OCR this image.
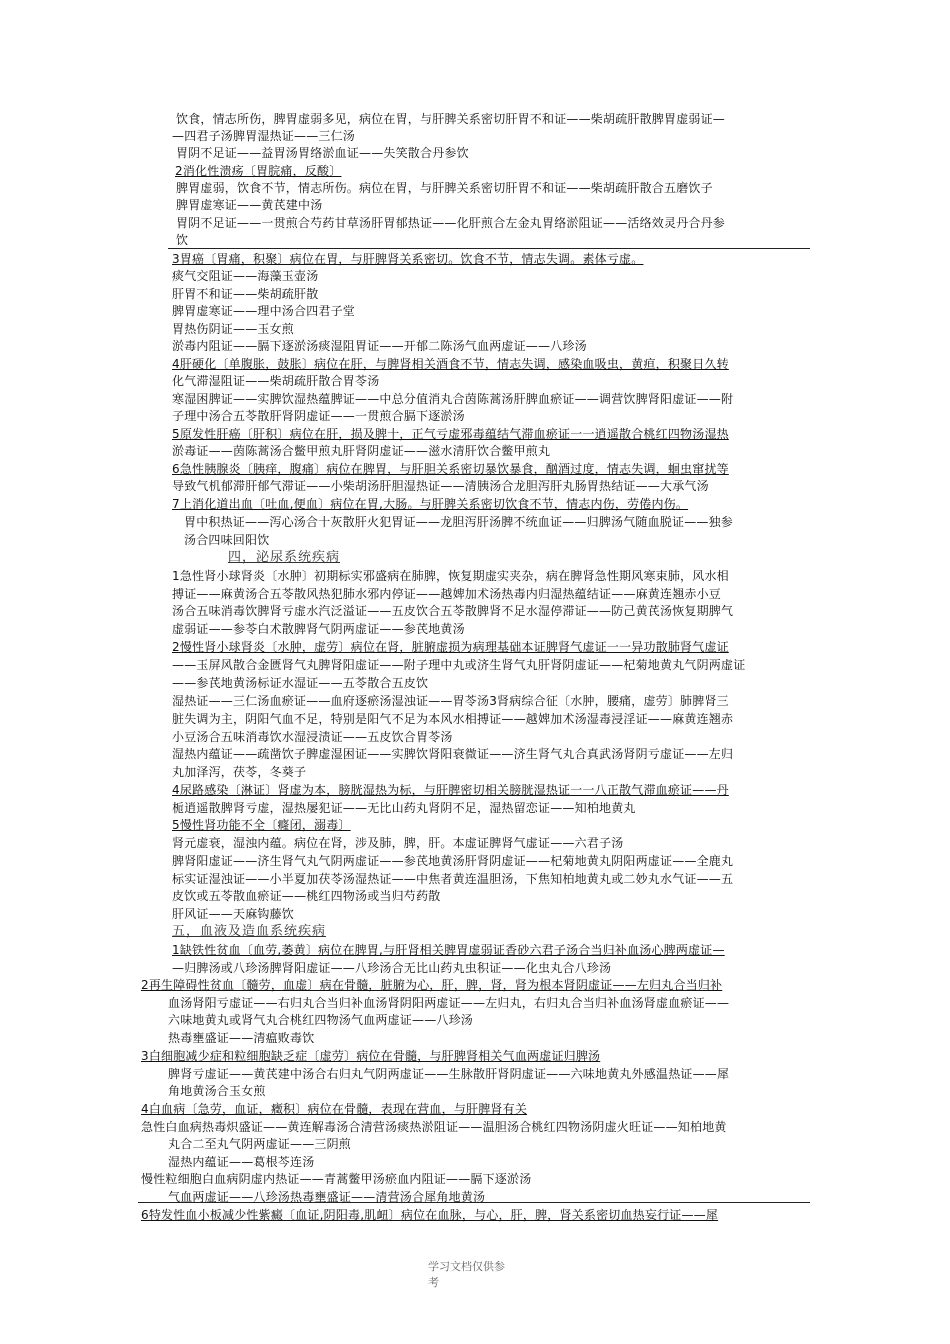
饮食，情志所伤，脾胃虚弱多见，病位在胃，与肝脾关系密切肝胃不和证——柴胡疏肝散脾胃虚弱证—
—四君子汤脾胃湿热证——三仁汤
胃阴不足证——益胃汤胃络淤血证——失笑散合丹参饮
2消化性溃疡〔胃脘痛，反酸〕
脾胃虚弱，饮食不节，情志所伤。病位在胃，与肝脾关系密切肝胃不和证——柴胡疏肝散合五磨饮子
脾胃虚寒证——黄芪建中汤
胃阴不足证——一贯煎合芍药甘草汤肝胃郁热证——化肝煎合左金丸胃络淤阻证——活络效灵丹合丹参
饮
3胃癌〔胃痛，积聚〕病位在胃，与肝脾肾关系密切。饮食不节，情志失调。素体亏虚。
痰气交阻证——海藻玉壶汤
肝胃不和证——柴胡疏肝散
脾胃虚寒证——理中汤合四君子堂
胃热伤阴证——玉女煎
淤毒内阻证——膈下逐淤汤痰湿阻胃证——开郁二陈汤气血两虚证——八珍汤
4肝硬化〔单腹胀，鼓胀〕病位在肝，与脾肾相关酒食不节，情志失调，感染血吸虫，黄疸，积聚日久转
化气滞湿阻证——柴胡疏肝散合胃苓汤
寒湿困脾证——实脾饮湿热蕴脾证——中总分值消丸合茵陈蒿汤肝脾血瘀证——调营饮脾肾阳虚证——附
子理中汤合五苓散肝肾阴虚证——一贯煎合膈下逐淤汤
5原发性肝癌〔肝积〕病位在肝，损及脾十，正气亏虚邪毒蕴结气滞血瘀证一一逍遥散合桃红四物汤湿热
淤毒证——茵陈蒿汤合鳖甲煎丸肝肾阴虚证——滋水清肝饮合鳖甲煎丸
6急性胰腺炎〔胰痒，腹痛〕病位在脾胃，与肝胆关系密切暴饮暴食，酗酒过度，情志失调，蛔虫窜扰等
导致气机郁滞肝郁气滞证——小柴胡汤肝胆湿热证——清胰汤合龙胆泻肝丸肠胃热结证——大承气汤
7上消化道出血〔吐血,便血〕病位在胃,大肠。与肝脾关系密切饮食不节，情志内伤，劳倦内伤。
胃中积热证——泻心汤合十灰散肝火犯胃证——龙胆泻肝汤脾不统血证——归脾汤气随血脱证——独参
汤合四味回阳饮
四，泌尿系统疾病
1急性肾小球肾炎〔水肿〕初期标实邪盛病在肺脾，恢复期虚实夹杂，病在脾肾急性期风寒束肺，风水相
搏证——麻黄汤合五苓散风热犯肺水邪内停证——越婢加术汤热毒内归湿热蕴结证——麻黄连翘赤小豆
汤合五味消毒饮脾肾亏虚水汽泛溢证——五皮饮合五苓散脾肾不足水湿停滞证——防己黄芪汤恢复期脾气
虚弱证——参苓白术散脾肾气阴两虚证——参芪地黄汤
2慢性肾小球肾炎〔水肿，虚劳〕病位在肾，脏腑虚损为病理基础本证脾肾气虚证一一异功散肺肾气虚证
——玉屏风散合金匮肾气丸脾肾阳虚证——附子理中丸或济生肾气丸肝肾阴虚证——杞菊地黄丸气阴两虚证
——参芪地黄汤标证水湿证——五苓散合五皮饮
湿热证——三仁汤血瘀证——血府逐瘀汤湿浊证——胃苓汤3肾病综合征〔水肿，腰痛，虚劳〕肺脾肾三
脏失调为主，阴阳气血不足，特别是阳气不足为本风水相搏证——越婢加术汤湿毒浸淫证——麻黄连翘赤
小豆汤合五味消毒饮水湿浸渍证——五皮饮合胃苓汤
湿热内蕴证——疏凿饮子脾虚湿困证——实脾饮肾阳衰微证——济生肾气丸合真武汤肾阴亏虚证——左归
丸加泽泻，茯苓，冬葵子
4尿路感染〔淋证〕肾虚为本，膀胱湿热为标，与肝脾密切相关膀胱湿热证一一八正散气滞血瘀证——丹
栀逍遥散脾肾亏虚，湿热屡犯证——无比山药丸肾阴不足，湿热留恋证——知柏地黄丸
5慢性肾功能不全〔癃闭，溺毒〕
肾元虚衰，湿浊内蕴。病位在肾，涉及肺，脾，肝。本虚证脾肾气虚证——六君子汤
脾肾阳虚证——济生肾气丸气阴两虚证——参芪地黄汤肝肾阴虚证——杞菊地黄丸阴阳两虚证——全鹿丸
标实证湿浊证——小半夏加茯苓汤湿热证——中焦者黄连温胆汤，下焦知柏地黄丸或二妙丸水气证——五
皮饮或五苓散血瘀证——桃红四物汤或当归芍药散
肝风证——天麻钩藤饮
五，血液及造血系统疾病
1缺铁性贫血〔血劳,萎黄〕病位在脾胃,与肝肾相关脾胃虚弱证香砂六君子汤合当归补血汤心脾两虚证—
—归脾汤或八珍汤脾肾阳虚证——八珍汤合无比山药丸虫积证——化虫丸合八珍汤
2再生障碍性贫血〔髓劳，血虚〕病在骨髓，脏腑为心，肝，脾，肾，肾为根本肾阴虚证——左归丸合当归补
血汤肾阳亏虚证——右归丸合当归补血汤肾阴阳两虚证——左归丸，右归丸合当归补血汤肾虚血瘀证——
六味地黄丸或肾气丸合桃红四物汤气血两虚证——八珍汤
热毒壅盛证——清瘟败毒饮
3白细胞减少症和粒细胞缺乏症〔虚劳〕病位在骨髓，与肝脾肾相关气血两虚证归脾汤
脾肾亏虚证——黄芪建中汤合右归丸气阴两虚证——生脉散肝肾阴虚证——六味地黄丸外感温热证——犀
角地黄汤合玉女煎
4白血病〔急劳，血证，癥积〕病位在骨髓，表现在营血，与肝脾肾有关
急性白血病热毒炽盛证——黄连解毒汤合清营汤痰热淤阻证——温胆汤合桃红四物汤阴虚火旺证——知柏地黄
丸合二至丸气阴两虚证——三阴煎
湿热内蕴证——葛根芩连汤
慢性粒细胞白血病阴虚内热证——青蒿鳖甲汤瘀血内阻证——膈下逐淤汤
气血两虚证——八珍汤热毒壅盛证——清营汤合犀角地黄汤
6特发性血小板减少性紫癜〔血证,阴阳毒,肌衄〕病位在血脉，与心，肝，脾，肾关系密切血热妄行证——犀
学习文档仅供参
考
